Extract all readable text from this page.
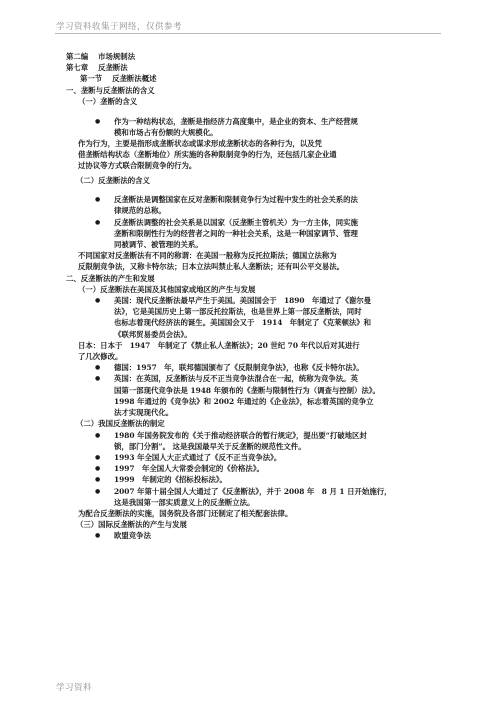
学习资料收集于网络，仅供参考
第二编　 市场规制法
第七章　 反垄断法
第一节　 反垄断法概述
一、垄断与反垄断法的含义
（一）垄断的含义
● 作为一种结构状态，垄断是指经济力高度集中，是企业的资本、生产经营规
模和市场占有份额的大规模化。
作为行为，主要是指形成垄断状态或谋求形成垄断状态的各种行为，以及凭
借垄断结构状态（垄断地位）所实施的各种限制竞争的行为，还包括几家企业通
过协议等方式联合限制竞争的行为。
（二）反垄断法的含义
● 反垄断法是调整国家在反对垄断和限制竞争行为过程中发生的社会关系的法
律规范的总称。
● 反垄断法调整的社会关系是以国家（反垄断主管机关）为一方主体，同实施
垄断和限制性行为的经营者之间的一种社会关系，这是一种国家调节、管理
同被调节、被管理的关系。
不同国家对反垄断法有不同的称谓：在美国一般称为反托拉斯法；德国立法称为
反限制竞争法，又称卡特尔法；日本立法叫禁止私人垄断法；还有叫公平交易法。
二、反垄断法的产生和发展
（一）反垄断法在美国及其他国家或地区的产生与发展
● 美国：现代反垄断法最早产生于美国。美国国会于　1890　年通过了《谢尔曼
法》，它是美国历史上第一部反托拉斯法，也是世界上第一部反垄断法，同时
也标志着现代经济法的诞生。美国国会又于　1914　年制定了《克莱顿法》和
《联邦贸易委员会法》。
日本：日本于　1947　年制定了《禁止私人垄断法》；20 世纪 70 年代以后对其进行
了几次修改。
● 德国：1957　年，联邦德国颁布了《反限制竞争法》，也称《反卡特尔法》。
● 英国：在英国，反垄断法与反不正当竞争法混合在一起，统称为竞争法。英
国第一部现代竞争法是 1948 年颁布的《垄断与限制性行为（调查与控制）法》。
1998 年通过的《竞争法》和 2002 年通过的《企业法》，标志着英国的竞争立
法才实现现代化。
（二）我国反垄断法的制定
● 1980 年国务院发布的《关于推动经济联合的暂行规定》，提出要“打破地区封
锁，部门分割”。 这是我国最早关于反垄断的规范性文件。
● 1993 年全国人大正式通过了《反不正当竞争法》。
● 1997　年全国人大常委会制定的《价格法》。
● 1999　年制定的《招标投标法》。
● 2007 年第十届全国人大通过了《反垄断法》，并于 2008 年　8 月 1 日开始施行，
这是我国第一部实质意义上的反垄断立法。
为配合反垄断法的实施，国务院及各部门还制定了相关配套法律。
（三）国际反垄断法的产生与发展
● 欧盟竞争法
学习资料
